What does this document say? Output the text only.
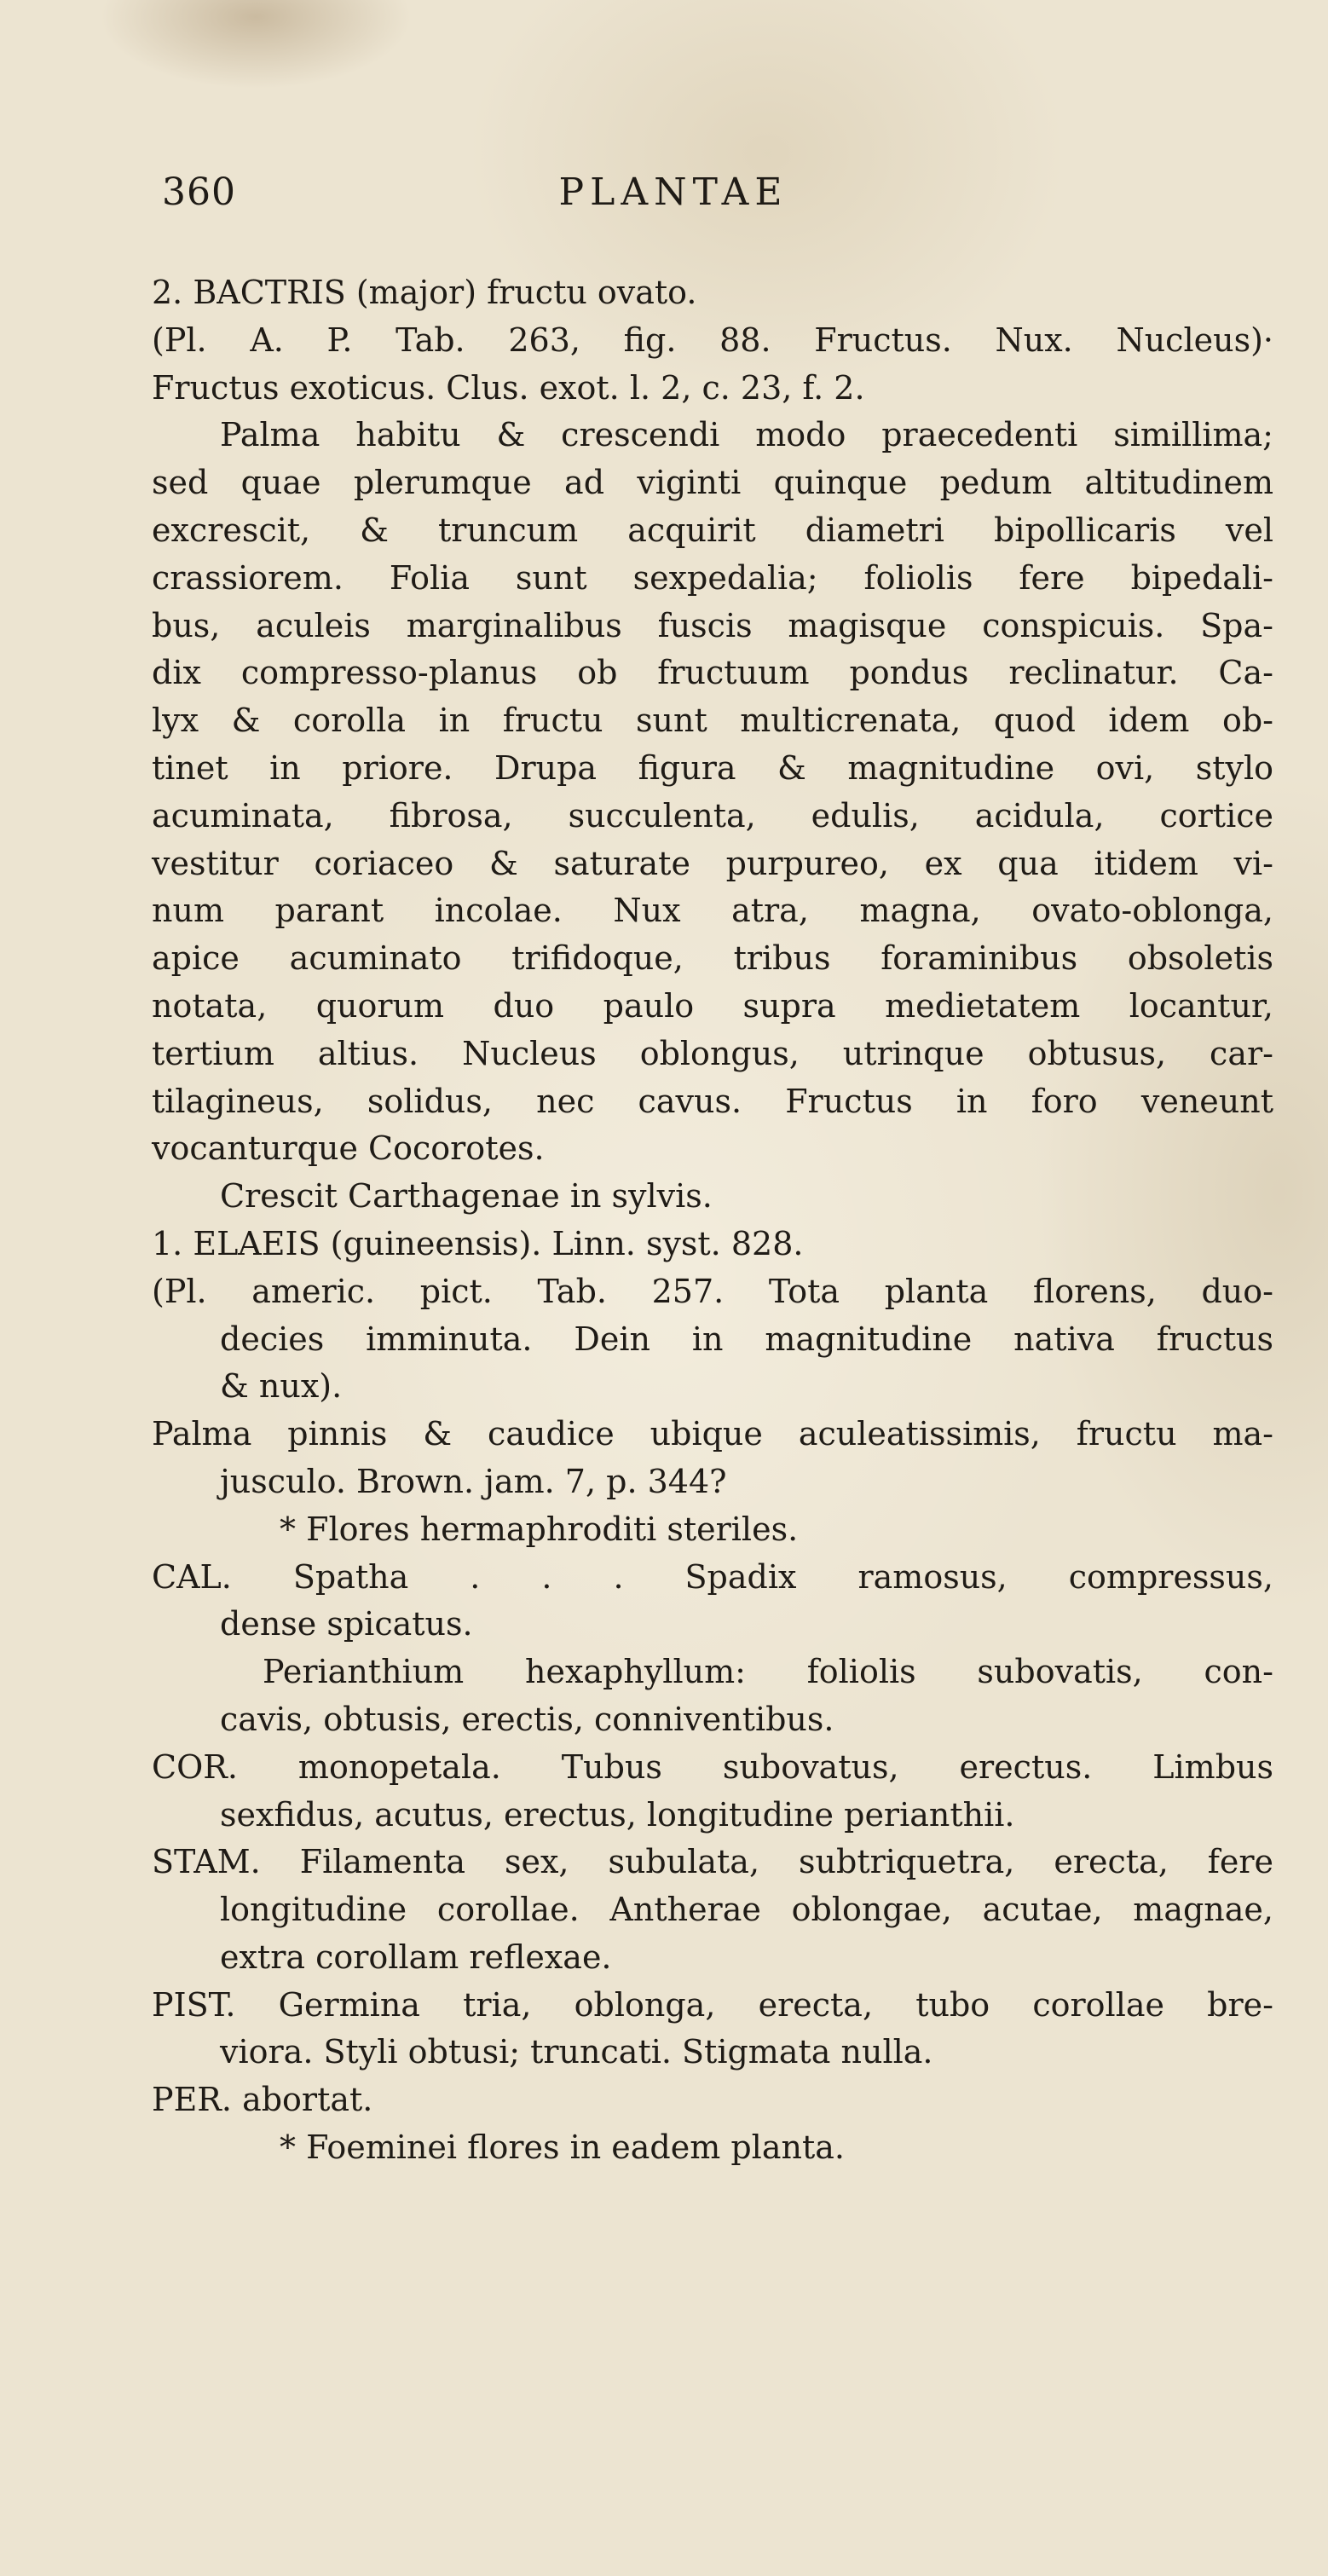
360	PLANTAE
2. BACTRIS (major) fructu ovato.
(Pl. A. P. Tab. 263, fig. 88. Fructus. Nux. Nucleus)·
Fructus exoticus. Clus. exot. l. 2, c. 23, f. 2.
Palma habitu & crescendi modo praecedenti simillima;
sed quae plerumque ad viginti quinque pedum altitudinem
excrescit, & truncum acquirit diametri bipollicaris vel
crassiorem. Folia sunt sexpedalia; foliolis fere bipedali-
bus, aculeis marginalibus fuscis magisque conspicuis. Spa-
dix compresso-planus ob fructuum pondus reclinatur. Ca-
lyx & corolla in fructu sunt multicrenata, quod idem ob-
tinet in priore. Drupa figura & magnitudine ovi, stylo
acuminata, fibrosa, succulenta, edulis, acidula, cortice
vestitur coriaceo & saturate purpureo, ex qua itidem vi-
num parant incolae. Nux atra, magna, ovato-oblonga,
apice acuminato trifidoque, tribus foraminibus obsoletis
notata, quorum duo paulo supra medietatem locantur,
tertium altius. Nucleus oblongus, utrinque obtusus, car-
tilagineus, solidus, nec cavus. Fructus in foro veneunt
vocanturque Cocorotes.
Crescit Carthagenae in sylvis.
1. ELAEIS (guineensis). Linn. syst. 828.
(Pl. americ. pict. Tab. 257. Tota planta florens, duo-
decies imminuta. Dein in magnitudine nativa fructus
& nux).
Palma pinnis & caudice ubique aculeatissimis, fructu ma-
jusculo. Brown. jam. 7, p. 344?
* Flores hermaphroditi steriles.
CAL. Spatha . . . Spadix ramosus, compressus,
dense spicatus.
Perianthium hexaphyllum: foliolis subovatis, con-
cavis, obtusis, erectis, conniventibus.
COR. monopetala. Tubus subovatus, erectus. Limbus
sexfidus, acutus, erectus, longitudine perianthii.
STAM. Filamenta sex, subulata, subtriquetra, erecta, fere
longitudine corollae. Antherae oblongae, acutae, magnae,
extra corollam reflexae.
PIST. Germina tria, oblonga, erecta, tubo corollae bre-
viora. Styli obtusi; truncati. Stigmata nulla.
PER. abortat.
* Foeminei flores in eadem planta.
